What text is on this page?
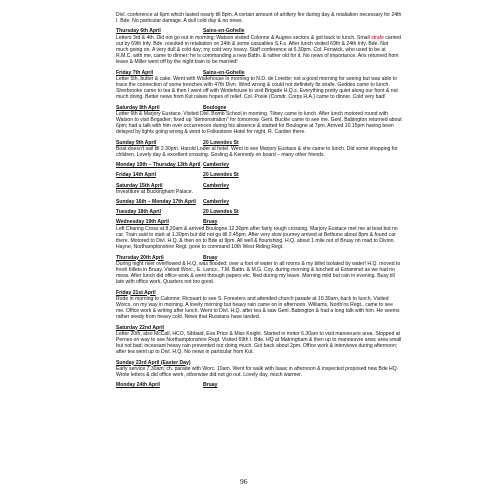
Divl. conference at 6pm which lasted nearly till 8pm. A certain amount of artillery fire during day & retaliation necessary for 24th I. Bde. No particular damage. A dull cold day & no news.

Thursday 6th April	Sains-en-Gohelle

Letters 3rd & 4th. Did not go out in morning; Watson visited Colonne & Augres sectors & got back to lunch. Small strafe carried out by 69th Infy. Bde. resulted in retaliation on 24th & some casualties S.F.s. After lunch visited 69th & 24th Infy. Bde. Not much going on. A very dull & cold day; my cold very heavy. Staff conference at 6.30pm. Col. Fenwick, who used to be at R.M.C. with me, came to dinner; he is commanding a new Battn. & rather old for it. No news of importance. Aris returned from leave & Miller went off by the night train to be married!

Friday 7th April	Sains-en-Gohelle

Letter 5th, butter & cake. Went with Wodehouse in morning to N.D. de Lorette; not a good morning for seeing but was able to trace the connection of some trenches with 47th Divn. Wind wrong & could not definitely fix strafe. Geddes came to lunch. Sherbrooke came to tea & then I went off with Wodehouse to visit Brigade H.Q.s. Everything pretty quiet along our front & not much doing. Better news from Kut raises hopes of relief. Col. Poole (Comdr. Corps H.A.) came to dinner. Cold very bad!

Saturday 8th April	Boulogne

Letter 6th & Marjory Eustace. Visited Divl. Bomb School in morning. Tilney came to lunch. After lunch motored round with Watson to visit Brigadier; fixed up "demonstration" for tomorrow. Genl. Buckle came to see me. Genl. Babington returned about 6pm; had a talk with him over occurrences during his absence & started for Boulogne at 7pm. Arrived 10.15pm having been delayed by lights going wrong & went to Folkestone Hotel for night. R. Carden there.

Sunday 9th April	20 Lowndes St

Boat doesn't sail till 2.30pm. Harold Loder at hotel. Went to see Marjory Eustace & she came to lunch. Did some shopping for children. Lovely day & excellent crossing. Gosling & Kennedy on board – many other friends.

Monday 10th – Thursday 13th April Camberley
Friday 14th April	20 Lowndes St
Saturday 15th April	Camberley

Investiture at Buckingham Palace.

Sunday 16th – Monday 17th April	Camberley
Tuesday 18th April	20 Lowndes St
Wednesday 19th April	Bruay

Left Charing Cross at 8.20am & arrived Boulogne 12.30pm after fairly rough crossing. Marjory Eustace met me at boat but no car. Train said to start at 1.30pm but did not go till 2.45pm. After very slow journey arrived at Bethune about 8pm & found car there. Motored to Divl. H.Q. & then on to Bde at 9pm. All well & flourishing. H.Q. about 1 mile out of Bruay on road to Divion. Hayne, Northamptonshire Regt. gone to command 10th West Riding Regt.

Thursday 20th April	Bruay

During night river overflowed & H.Q. was flooded; over a foot of water in all rooms & my billet isolated by water! H.Q. moved to fresh billets in Bruay. Visited Worc., E. Lancs., T.M. Battn. & M.G. Coy. during morning & lunched at Estaminet as we had no mess. After lunch did office work & went through papers etc. filed during my leave. Morning mild but rain in evening. Busy till late with office work. Quarters not too good.

Friday 21st April

Rode in morning to Calonne; Ricouart to see S. Foresters and attended church parade at 10.30am, back to lunch. Visited Worcs. on my way in morning. A lovely morning but heavy rain came on in afternoon. Williams, North'ns Regt., came to see me. Office work & writing after lunch. Went to Divl. H.Q. after tea & saw Genl. Babington & had a long talk with him. He seems rather seedy from heavy cold. News that Russians have landed.

Saturday 22nd April

Letter 20th, also McCall, HCO, Sibbald, Eva Price & Miss Knight. Started in motor 6.30am to visit manoeuvre area. Stopped at Pernes on way to see Northamptonshire Regt. Visited 69th I. Bde. HQ at Matringham & then up to manoeuvre area; area small but not bad; incessant heavy rain prevented our doing much. Got back about 2pm. Office work & interviews during afternoon; after tea went up to Divl. H.Q. No news in particular from Kut.

Sunday 23rd April (Easter Day)

Early service 7.30am; ch. parade with Worc. 10am. Went for walk with Isaac in afternoon & inspected proposed new Bde HQ. Wrote letters & did office work, otherwise did not go out. Lovely day, much warmer.

Monday 24th April	Bruay
96
